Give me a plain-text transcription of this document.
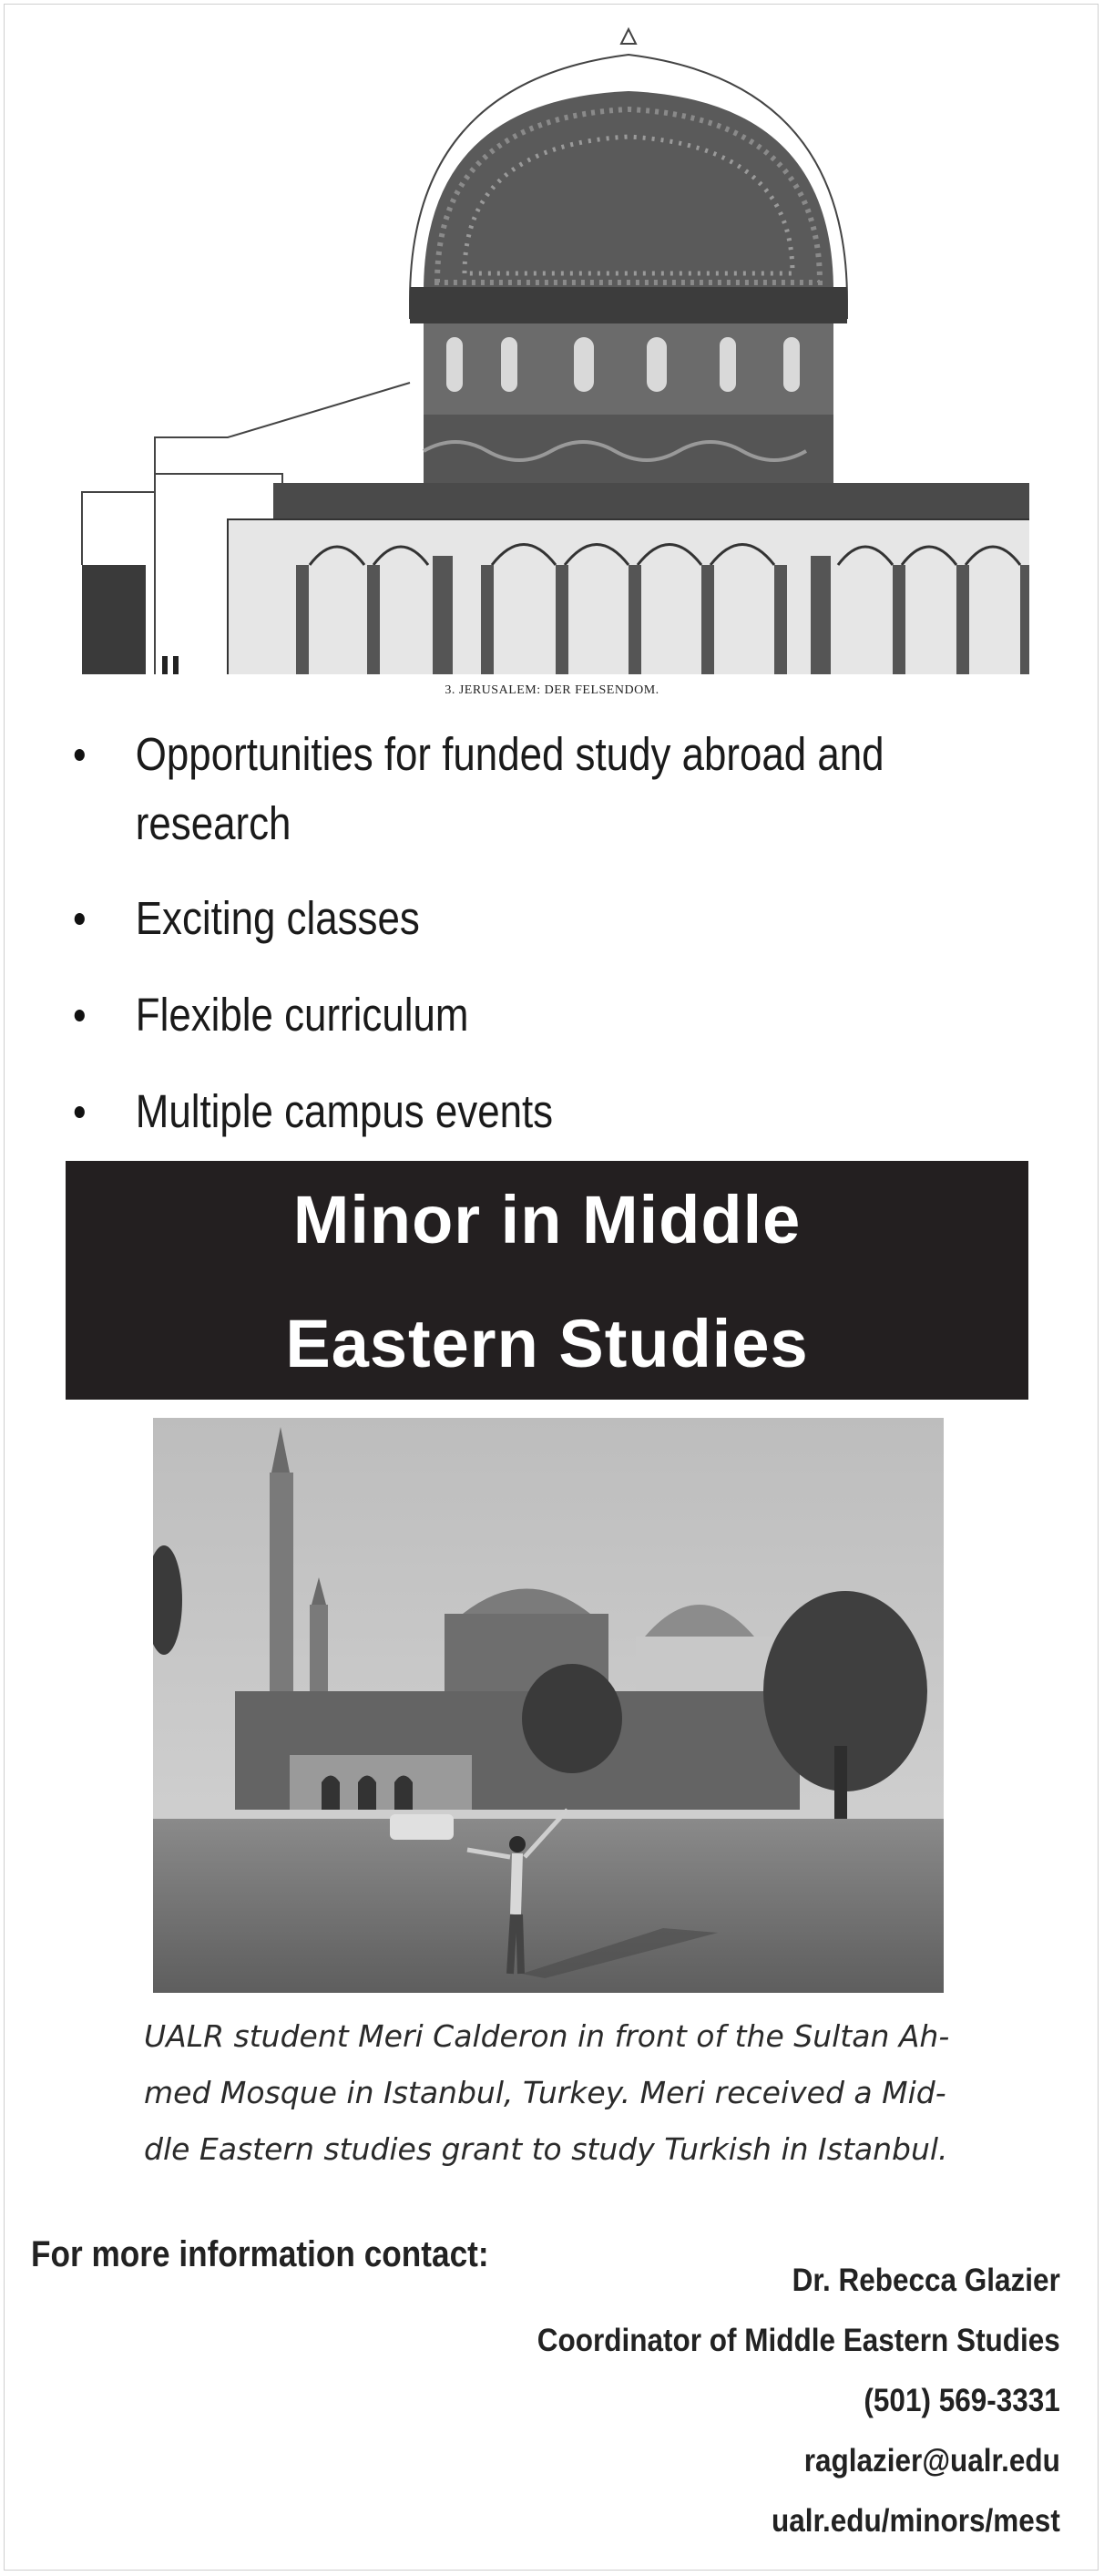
3. JERUSALEM: DER FELSENDOM.
Opportunities for funded study abroad and
research
Exciting classes
Flexible curriculum
Multiple campus events
Minor in Middle
Eastern Studies
UALR student Meri Calderon in front of the Sultan Ah-
med Mosque in Istanbul, Turkey. Meri received a Mid-
dle Eastern studies grant to study Turkish in Istanbul.
For more information contact:
Dr. Rebecca Glazier
Coordinator of Middle Eastern Studies
(501) 569-3331
raglazier@ualr.edu
ualr.edu/minors/mest
